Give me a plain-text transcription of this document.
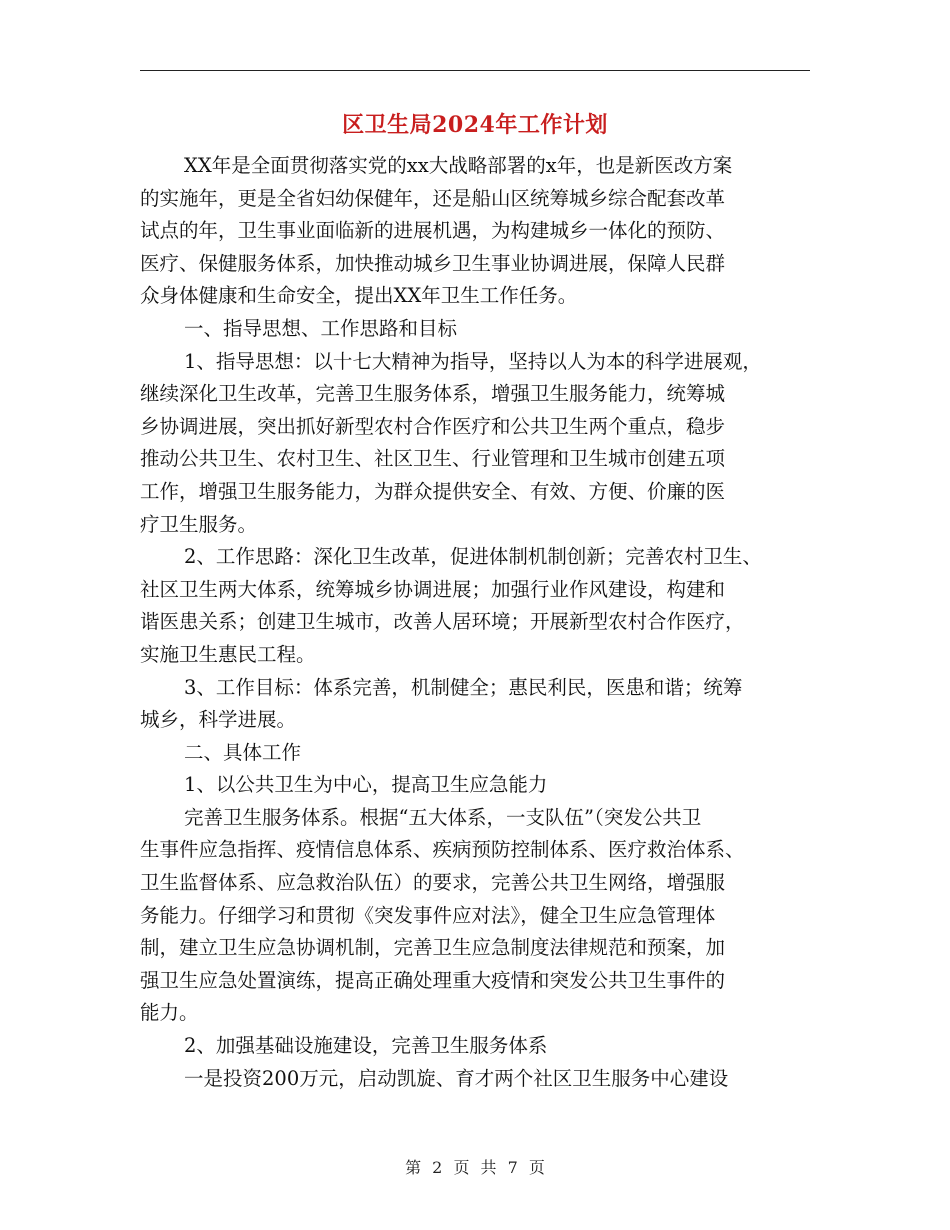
区卫生局2024年工作计划
XX年是全面贯彻落实党的xx大战略部署的x年，也是新医改方案
的实施年，更是全省妇幼保健年，还是船山区统筹城乡综合配套改革
试点的年，卫生事业面临新的进展机遇，为构建城乡一体化的预防、
医疗、保健服务体系，加快推动城乡卫生事业协调进展，保障人民群
众身体健康和生命安全，提出XX年卫生工作任务。
一、指导思想、工作思路和目标
1、指导思想：以十七大精神为指导，坚持以人为本的科学进展观，
继续深化卫生改革，完善卫生服务体系，增强卫生服务能力，统筹城
乡协调进展，突出抓好新型农村合作医疗和公共卫生两个重点，稳步
推动公共卫生、农村卫生、社区卫生、行业管理和卫生城市创建五项
工作，增强卫生服务能力，为群众提供安全、有效、方便、价廉的医
疗卫生服务。
2、工作思路：深化卫生改革，促进体制机制创新；完善农村卫生、
社区卫生两大体系，统筹城乡协调进展；加强行业作风建设，构建和
谐医患关系；创建卫生城市，改善人居环境；开展新型农村合作医疗，
实施卫生惠民工程。
3、工作目标：体系完善，机制健全；惠民利民，医患和谐；统筹
城乡，科学进展。
二、具体工作
1、以公共卫生为中心，提高卫生应急能力
完善卫生服务体系。根据“五大体系，一支队伍”（突发公共卫
生事件应急指挥、疫情信息体系、疾病预防控制体系、医疗救治体系、
卫生监督体系、应急救治队伍）的要求，完善公共卫生网络，增强服
务能力。仔细学习和贯彻《突发事件应对法》，健全卫生应急管理体
制，建立卫生应急协调机制，完善卫生应急制度法律规范和预案，加
强卫生应急处置演练，提高正确处理重大疫情和突发公共卫生事件的
能力。
2、加强基础设施建设，完善卫生服务体系
一是投资200万元，启动凯旋、育才两个社区卫生服务中心建设
第 2 页 共 7 页
